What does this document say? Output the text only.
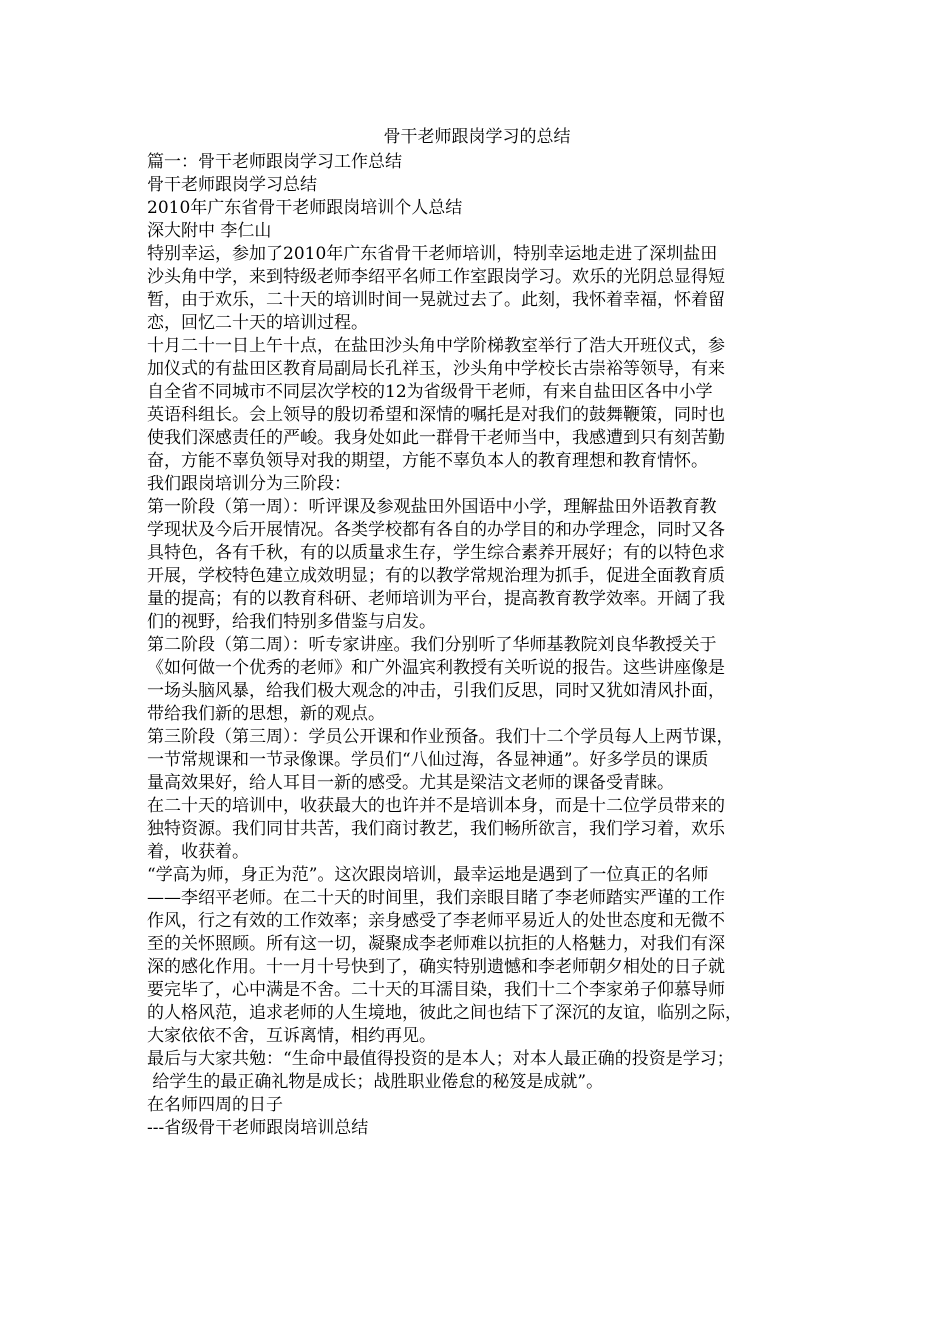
骨干老师跟岗学习的总结
篇一：骨干老师跟岗学习工作总结
骨干老师跟岗学习总结
2010年广东省骨干老师跟岗培训个人总结
深大附中 李仁山
特别幸运，参加了2010年广东省骨干老师培训，特别幸运地走进了深圳盐田
沙头角中学，来到特级老师李绍平名师工作室跟岗学习。欢乐的光阴总显得短
暂，由于欢乐，二十天的培训时间一晃就过去了。此刻，我怀着幸福，怀着留
恋，回忆二十天的培训过程。
十月二十一日上午十点，在盐田沙头角中学阶梯教室举行了浩大开班仪式，参
加仪式的有盐田区教育局副局长孔祥玉，沙头角中学校长古崇裕等领导，有来
自全省不同城市不同层次学校的12为省级骨干老师，有来自盐田区各中小学
英语科组长。会上领导的殷切希望和深情的嘱托是对我们的鼓舞鞭策，同时也
使我们深感责任的严峻。我身处如此一群骨干老师当中，我感遭到只有刻苦勤
奋，方能不辜负领导对我的期望，方能不辜负本人的教育理想和教育情怀。
我们跟岗培训分为三阶段：
第一阶段（第一周）：听评课及参观盐田外国语中小学，理解盐田外语教育教
学现状及今后开展情况。各类学校都有各自的办学目的和办学理念，同时又各
具特色，各有千秋，有的以质量求生存，学生综合素养开展好；有的以特色求
开展，学校特色建立成效明显；有的以教学常规治理为抓手，促进全面教育质
量的提高；有的以教育科研、老师培训为平台，提高教育教学效率。开阔了我
们的视野，给我们特别多借鉴与启发。
第二阶段（第二周）：听专家讲座。我们分别听了华师基教院刘良华教授关于
《如何做一个优秀的老师》和广外温宾利教授有关听说的报告。这些讲座像是
一场头脑风暴，给我们极大观念的冲击，引我们反思，同时又犹如清风扑面，
带给我们新的思想，新的观点。
第三阶段（第三周）：学员公开课和作业预备。我们十二个学员每人上两节课，
一节常规课和一节录像课。学员们“八仙过海，各显神通”。好多学员的课质
量高效果好，给人耳目一新的感受。尤其是梁洁文老师的课备受青睐。
在二十天的培训中，收获最大的也许并不是培训本身，而是十二位学员带来的
独特资源。我们同甘共苦，我们商讨教艺，我们畅所欲言，我们学习着，欢乐
着，收获着。
“学高为师，身正为范”。这次跟岗培训，最幸运地是遇到了一位真正的名师
——李绍平老师。在二十天的时间里，我们亲眼目睹了李老师踏实严谨的工作
作风，行之有效的工作效率；亲身感受了李老师平易近人的处世态度和无微不
至的关怀照顾。所有这一切，凝聚成李老师难以抗拒的人格魅力，对我们有深
深的感化作用。十一月十号快到了，确实特别遗憾和李老师朝夕相处的日子就
要完毕了，心中满是不舍。二十天的耳濡目染，我们十二个李家弟子仰慕导师
的人格风范，追求老师的人生境地，彼此之间也结下了深沉的友谊，临别之际，
大家依依不舍，互诉离情，相约再见。
最后与大家共勉：“生命中最值得投资的是本人；对本人最正确的投资是学习；
给学生的最正确礼物是成长；战胜职业倦怠的秘笈是成就”。
在名师四周的日子
---省级骨干老师跟岗培训总结
